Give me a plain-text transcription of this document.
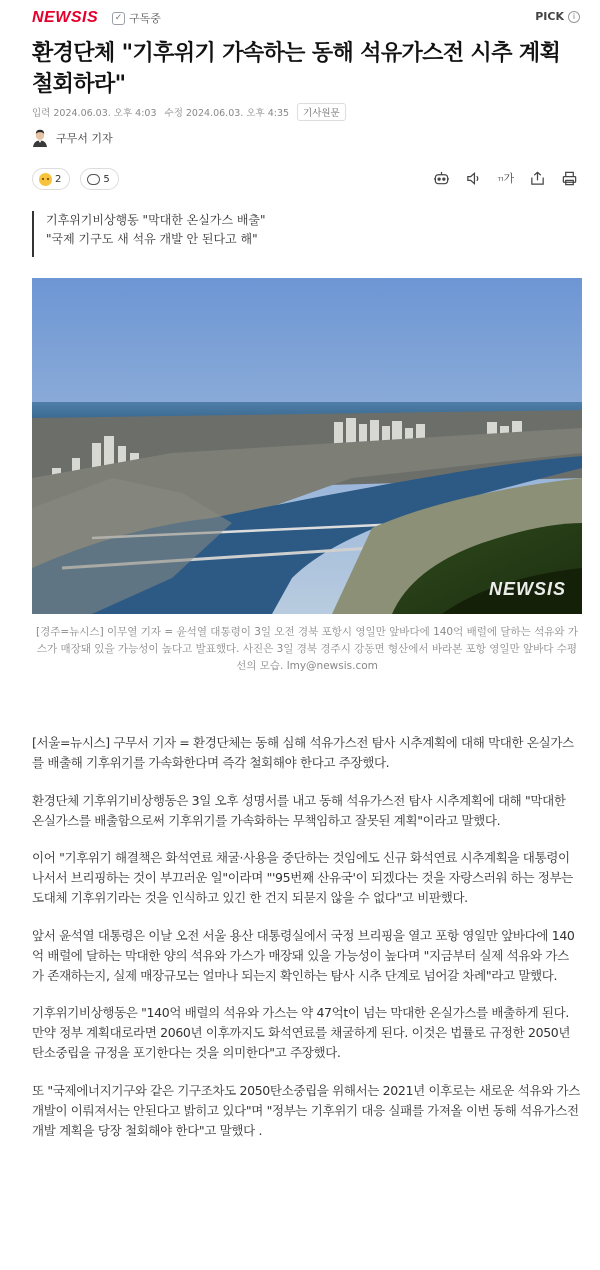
NEWSIS	✓ 구독중	PICK	i
환경단체 "기후위기 가속하는 동해 석유가스전 시추 계획 철회하라"
입력 2024.06.03. 오후 4:03 수정 2024.06.03. 오후 4:35	기사원문
구무서 기자
2	5	ㄲ가
기후위기비상행동 "막대한 온실가스 배출"
"국제 기구도 새 석유 개발 안 된다고 해"
NEWSIS
[경주=뉴시스] 이무열 기자 = 윤석열 대통령이 3일 오전 경북 포항시 영일만 앞바다에 140억 배럴에 달하는 석유와 가스가 매장돼 있을 가능성이 높다고 발표했다. 사진은 3일 경북 경주시 강동면 형산에서 바라본 포항 영일만 앞바다 수평선의 모습. lmy@newsis.com

[서울=뉴시스] 구무서 기자 = 환경단체는 동해 심해 석유가스전 탐사 시추계획에 대해 막대한 온실가스를 배출해 기후위기를 가속화한다며 즉각 철회해야 한다고 주장했다.

환경단체 기후위기비상행동은 3일 오후 성명서를 내고 동해 석유가스전 탐사 시추계획에 대해 "막대한 온실가스를 배출함으로써 기후위기를 가속화하는 무책임하고 잘못된 계획"이라고 말했다.

이어 "기후위기 해결책은 화석연료 채굴·사용을 중단하는 것임에도 신규 화석연료 시추계획을 대통령이 나서서 브리핑하는 것이 부끄러운 일"이라며 "'95번째 산유국'이 되겠다는 것을 자랑스러워 하는 정부는 도대체 기후위기라는 것을 인식하고 있긴 한 건지 되묻지 않을 수 없다"고 비판했다.

앞서 윤석열 대통령은 이날 오전 서울 용산 대통령실에서 국정 브리핑을 열고 포항 영일만 앞바다에 140억 배럴에 달하는 막대한 양의 석유와 가스가 매장돼 있을 가능성이 높다며 "지금부터 실제 석유와 가스가 존재하는지, 실제 매장규모는 얼마나 되는지 확인하는 탐사 시추 단계로 넘어갈 차례"라고 말했다.

기후위기비상행동은 "140억 배럴의 석유와 가스는 약 47억t이 넘는 막대한 온실가스를 배출하게 된다. 만약 정부 계획대로라면 2060년 이후까지도 화석연료를 채굴하게 된다. 이것은 법률로 규정한 2050년 탄소중립을 규정을 포기한다는 것을 의미한다"고 주장했다.

또 "국제에너지기구와 같은 기구조차도 2050탄소중립을 위해서는 2021년 이후로는 새로운 석유와 가스 개발이 이뤄져서는 안된다고 밝히고 있다"며 "정부는 기후위기 대응 실패를 가져올 이번 동해 석유가스전 개발 계획을 당장 철회해야 한다"고 말했다 .
